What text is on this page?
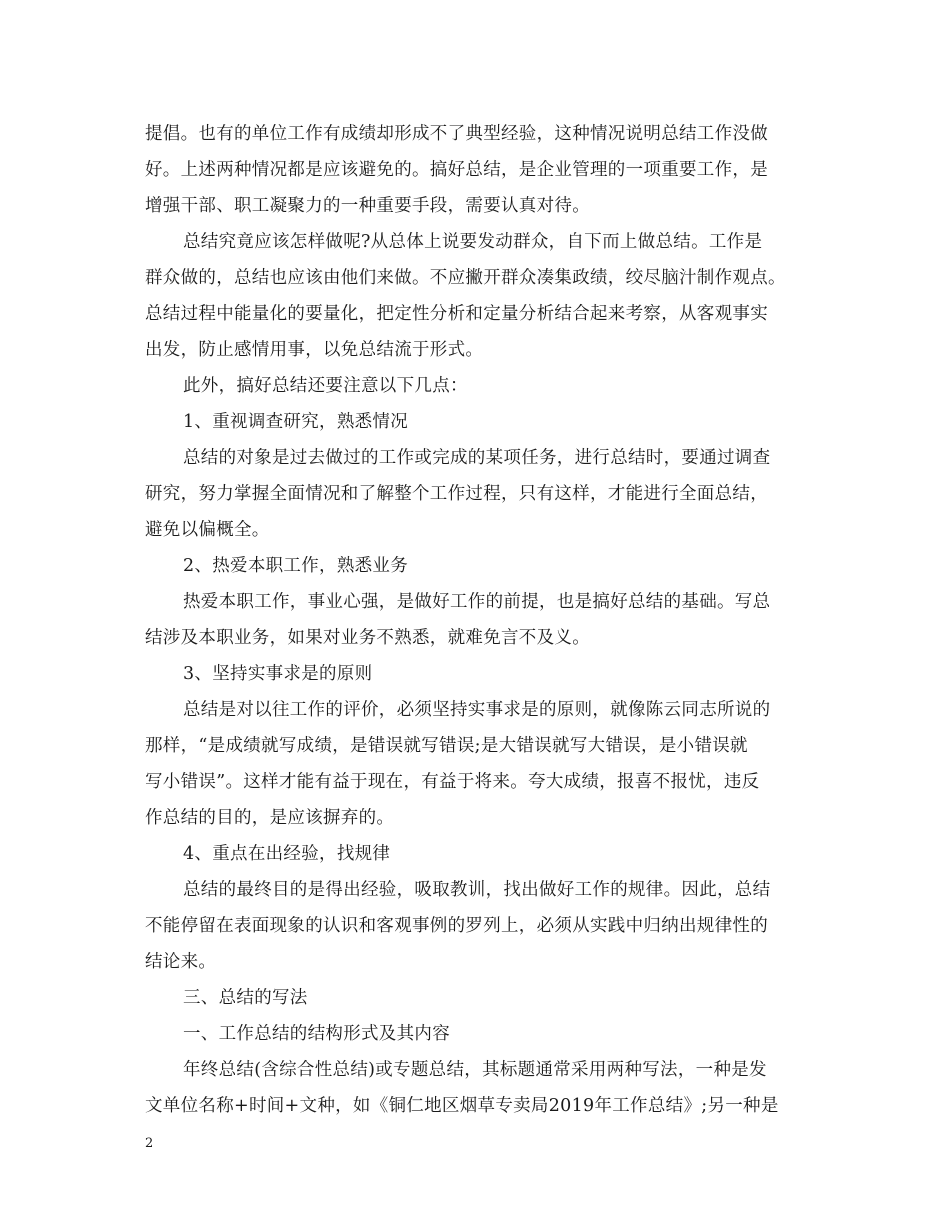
提倡。也有的单位工作有成绩却形成不了典型经验，这种情况说明总结工作没做
好。上述两种情况都是应该避免的。搞好总结，是企业管理的一项重要工作，是
增强干部、职工凝聚力的一种重要手段，需要认真对待。
总结究竟应该怎样做呢?从总体上说要发动群众，自下而上做总结。工作是
群众做的，总结也应该由他们来做。不应撇开群众凑集政绩，绞尽脑汁制作观点。
总结过程中能量化的要量化，把定性分析和定量分析结合起来考察，从客观事实
出发，防止感情用事，以免总结流于形式。
此外，搞好总结还要注意以下几点：
1、重视调查研究，熟悉情况
总结的对象是过去做过的工作或完成的某项任务，进行总结时，要通过调查
研究，努力掌握全面情况和了解整个工作过程，只有这样，才能进行全面总结，
避免以偏概全。
2、热爱本职工作，熟悉业务
热爱本职工作，事业心强，是做好工作的前提，也是搞好总结的基础。写总
结涉及本职业务，如果对业务不熟悉，就难免言不及义。
3、坚持实事求是的原则
总结是对以往工作的评价，必须坚持实事求是的原则，就像陈云同志所说的
那样，“是成绩就写成绩，是错误就写错误;是大错误就写大错误，是小错误就
写小错误”。这样才能有益于现在，有益于将来。夸大成绩，报喜不报忧，违反
作总结的目的，是应该摒弃的。
4、重点在出经验，找规律
总结的最终目的是得出经验，吸取教训，找出做好工作的规律。因此，总结
不能停留在表面现象的认识和客观事例的罗列上，必须从实践中归纳出规律性的
结论来。
三、总结的写法
一、工作总结的结构形式及其内容
年终总结(含综合性总结)或专题总结，其标题通常采用两种写法，一种是发
文单位名称+时间+文种，如《铜仁地区烟草专卖局2019年工作总结》;另一种是
2
